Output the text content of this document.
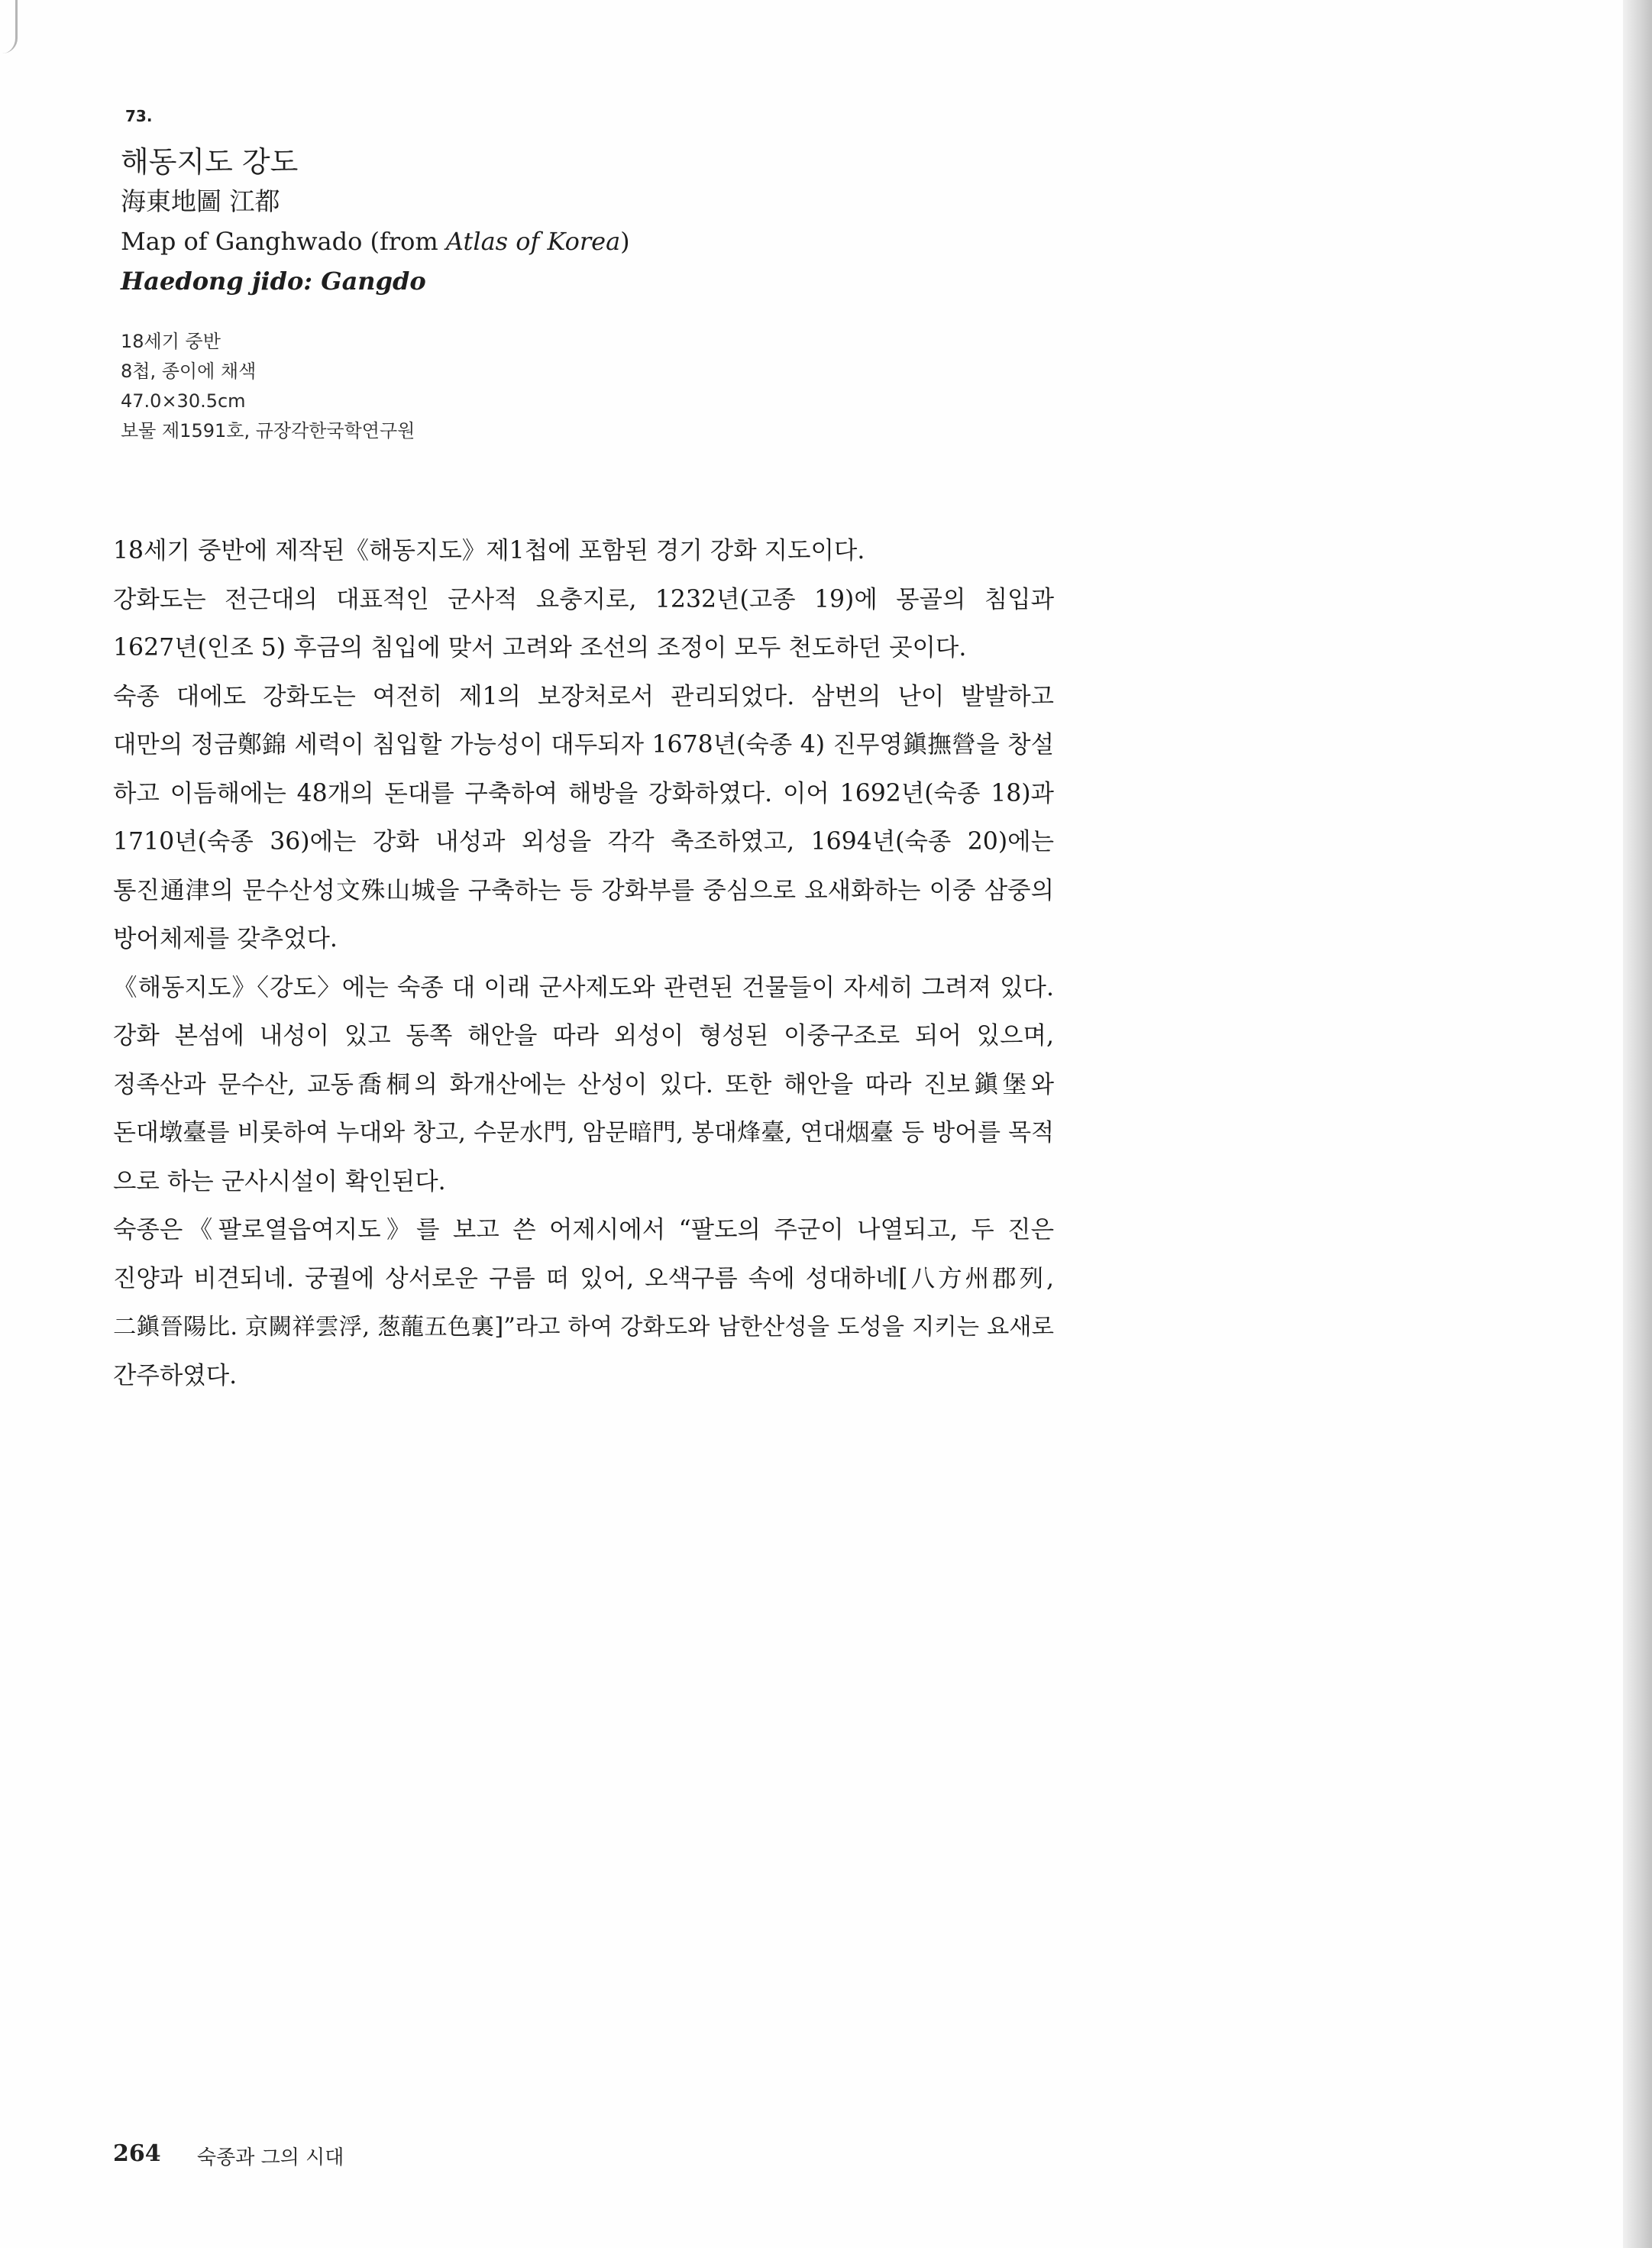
73.
해동지도 강도
海東地圖 江都
Map of Ganghwado (from Atlas of Korea)
Haedong jido: Gangdo
18세기 중반
8첩, 종이에 채색
47.0×30.5cm
보물 제1591호, 규장각한국학연구원

18세기 중반에 제작된《해동지도》제1첩에 포함된 경기 강화 지도이다.

강화도는 전근대의 대표적인 군사적 요충지로, 1232년(고종 19)에 몽골의 침입과
1627년(인조 5) 후금의 침입에 맞서 고려와 조선의 조정이 모두 천도하던 곳이다.

숙종 대에도 강화도는 여전히 제1의 보장처로서 관리되었다. 삼번의 난이 발발하고
대만의 정금鄭錦 세력이 침입할 가능성이 대두되자 1678년(숙종 4) 진무영鎭撫營을 창설
하고 이듬해에는 48개의 돈대를 구축하여 해방을 강화하였다. 이어 1692년(숙종 18)과
1710년(숙종 36)에는 강화 내성과 외성을 각각 축조하였고, 1694년(숙종 20)에는
통진通津의 문수산성文殊山城을 구축하는 등 강화부를 중심으로 요새화하는 이중 삼중의
방어체제를 갖추었다.

《해동지도》〈강도〉에는 숙종 대 이래 군사제도와 관련된 건물들이 자세히 그려져 있다.
강화 본섬에 내성이 있고 동쪽 해안을 따라 외성이 형성된 이중구조로 되어 있으며,
정족산과 문수산, 교동喬桐의 화개산에는 산성이 있다. 또한 해안을 따라 진보鎭堡와
돈대墩臺를 비롯하여 누대와 창고, 수문水門, 암문暗門, 봉대烽臺, 연대烟臺 등 방어를 목적
으로 하는 군사시설이 확인된다.

숙종은《팔로열읍여지도》를 보고 쓴 어제시에서 “팔도의 주군이 나열되고, 두 진은
진양과 비견되네. 궁궐에 상서로운 구름 떠 있어, 오색구름 속에 성대하네[八方州郡列,
二鎭晉陽比. 京闕祥雲浮, 葱蘢五色裏]”라고 하여 강화도와 남한산성을 도성을 지키는 요새로
간주하였다.

264 숙종과 그의 시대
